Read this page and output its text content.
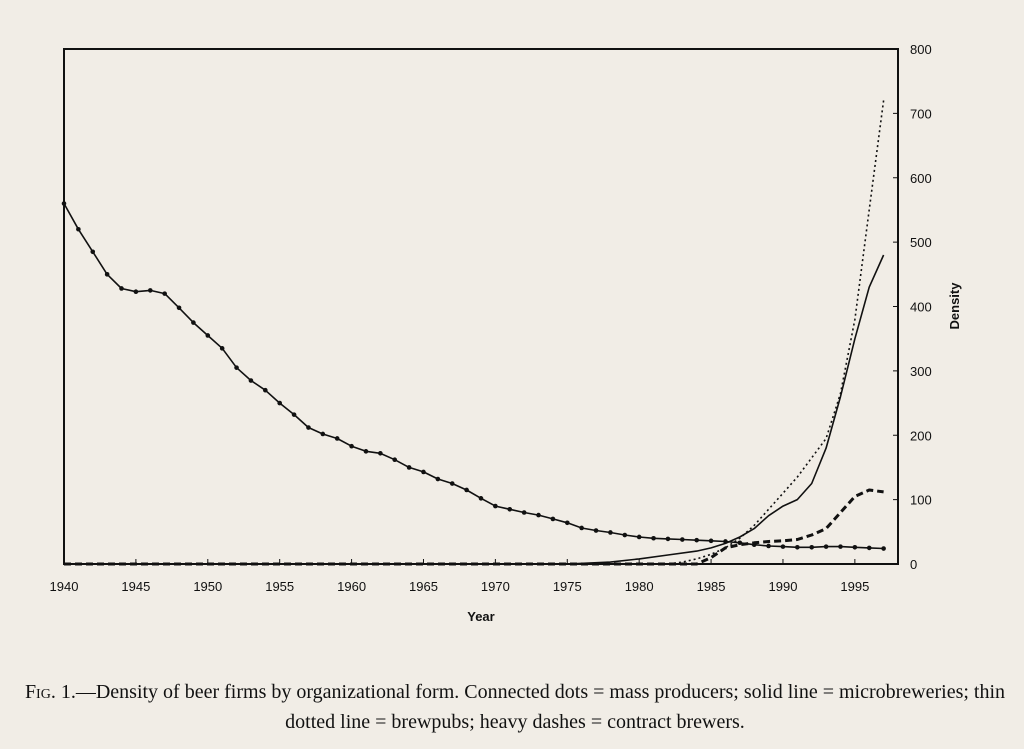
1940	1945	1950	1955	1960	1965	1970	1975	1980	1985	1990	1995
0
100
200
300
400
500
600
700
800
Year
Density
Fig. 1.—Density of beer firms by organizational form. Connected dots = mass producers; solid line = microbreweries; thin dotted line = brewpubs; heavy dashes = contract brewers.
